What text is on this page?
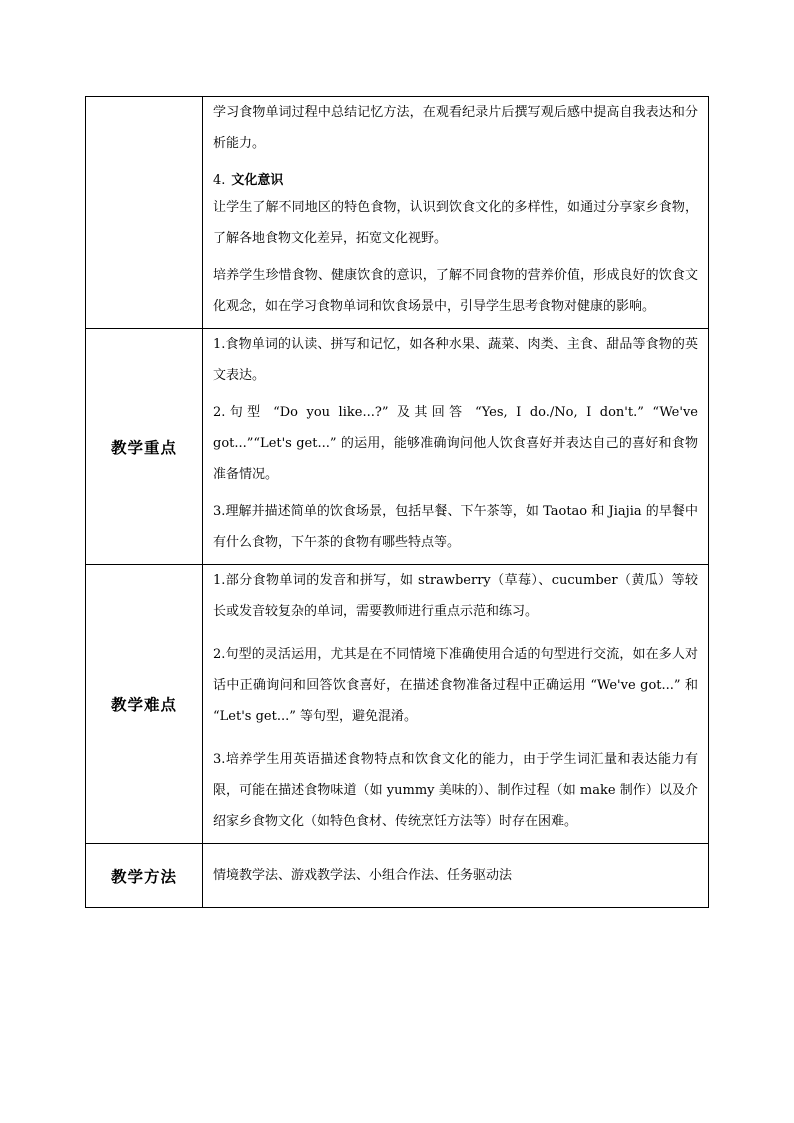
	学习食物单词过程中总结记忆方法，在观看纪录片后撰写观后感中提高自我表达和分析能力。

4. 文化意识

让学生了解不同地区的特色食物，认识到饮食文化的多样性，如通过分享家乡食物，了解各地食物文化差异，拓宽文化视野。

培养学生珍惜食物、健康饮食的意识，了解不同食物的营养价值，形成良好的饮食文化观念，如在学习食物单词和饮食场景中，引导学生思考食物对健康的影响。

教学重点	1.食物单词的认读、拼写和记忆，如各种水果、蔬菜、肉类、主食、甜品等食物的英文表达。

2.句型 “Do you like...?” 及其回答 “Yes, I do./No, I don't.” “We've got...”“Let's get...” 的运用，能够准确询问他人饮食喜好并表达自己的喜好和食物准备情况。

3.理解并描述简单的饮食场景，包括早餐、下午茶等，如 Taotao 和 Jiajia 的早餐中有什么食物，下午茶的食物有哪些特点等。

教学难点	1.部分食物单词的发音和拼写，如 strawberry（草莓）、cucumber（黄瓜）等较长或发音较复杂的单词，需要教师进行重点示范和练习。

2.句型的灵活运用，尤其是在不同情境下准确使用合适的句型进行交流，如在多人对话中正确询问和回答饮食喜好，在描述食物准备过程中正确运用 “We've got...” 和 “Let's get...” 等句型，避免混淆。

3.培养学生用英语描述食物特点和饮食文化的能力，由于学生词汇量和表达能力有限，可能在描述食物味道（如 yummy 美味的）、制作过程（如 make 制作）以及介绍家乡食物文化（如特色食材、传统烹饪方法等）时存在困难。

教学方法	情境教学法、游戏教学法、小组合作法、任务驱动法
